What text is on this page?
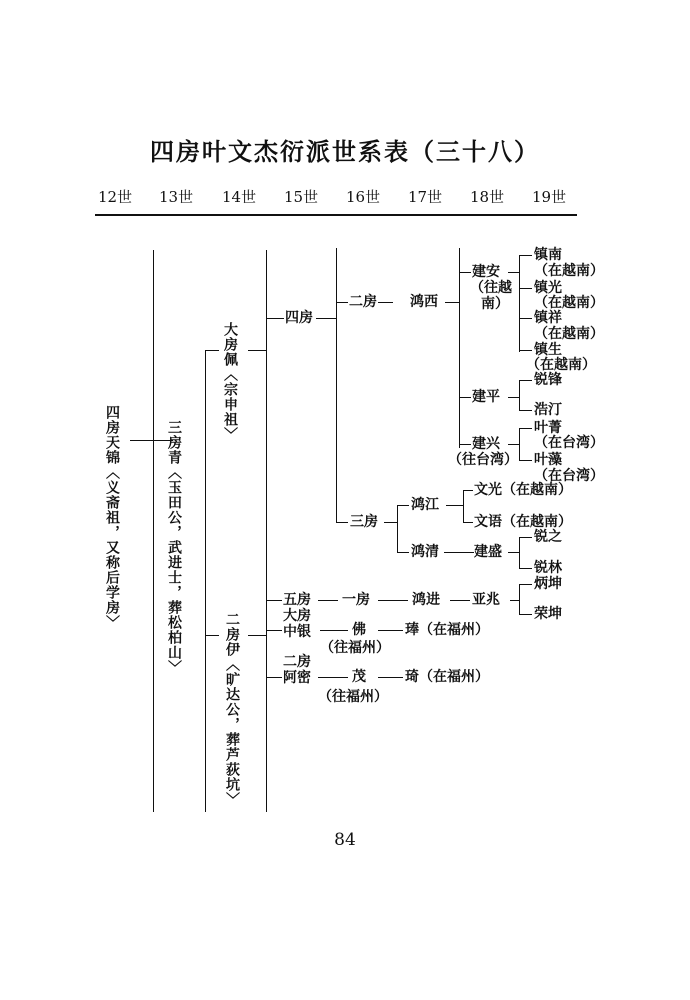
四房叶文杰衍派世系表（三十八）
12世 13世 14世 15世 16世 17世 18世 19世
四房天锦〈义斋祖，又称后学房〉	三房青〈玉田公，武进士，葬松柏山〉
大房佩〈宗申祖〉
二房伊〈旷达公，葬芦荻坑〉
四房
五房
大房
中银
二房
阿密
二房
三房
一房
佛
（往福州）
茂
（往福州）
鸿西
鸿江
鸿清
鸿进
琫（在福州）
琦（在福州）
建安
（往越
南）
建平
建兴
（往台湾）
文光（在越南）
文语（在越南）
建盛
亚兆
镇南
（在越南）
镇光
（在越南）
镇祥
（在越南）
镇生
（在越南）
锐锋
浩汀
叶菁
（在台湾）
叶藻
（在台湾）
锐之
锐林
炳坤
荣坤
84
